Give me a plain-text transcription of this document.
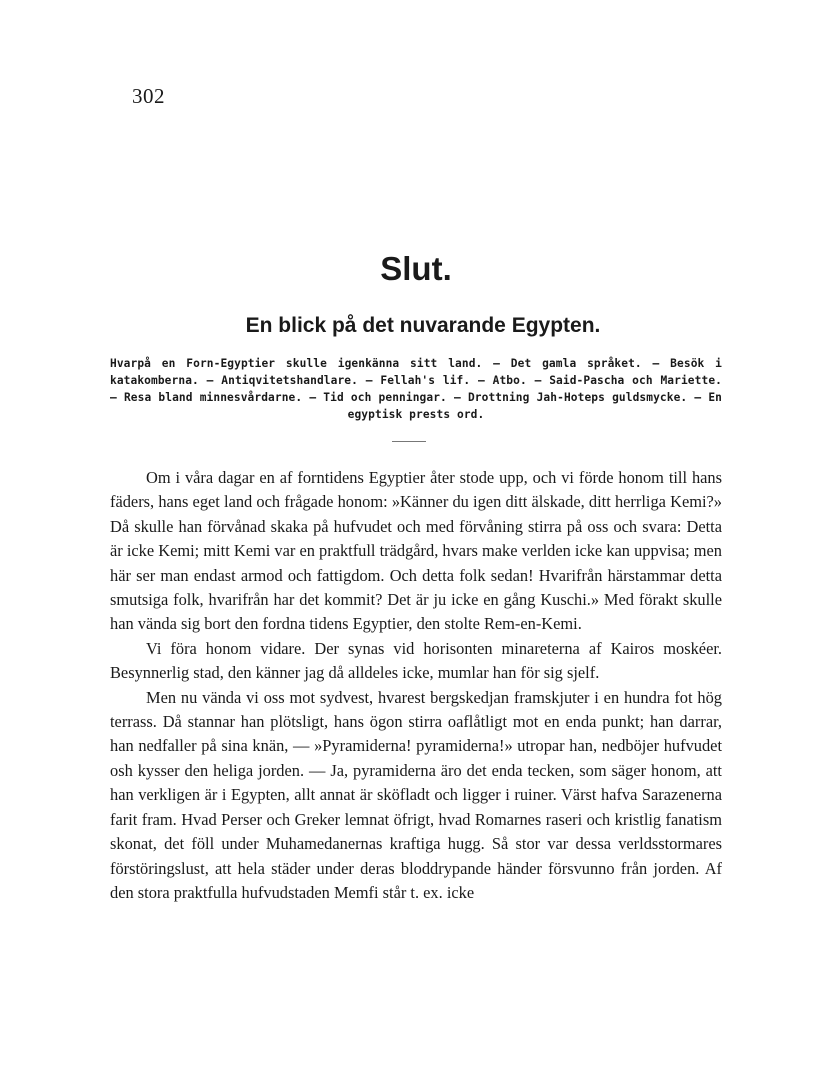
302
Slut.
En blick på det nuvarande Egypten.
Hvarpå en Forn-Egyptier skulle igenkänna sitt land. — Det gamla språket. — Besök i katakomberna. — Antiqvitetshandlare. — Fellah's lif. — Atbo. — Said-Pascha och Mariette. — Resa bland minnesvårdarne. — Tid och penningar. — Drottning Jah-Hoteps guldsmycke. — En egyptisk prests ord.

Om i våra dagar en af forntidens Egyptier åter stode upp, och vi förde honom till hans fäders, hans eget land och frågade honom: »Känner du igen ditt älskade, ditt herrliga Kemi?» Då skulle han förvånad skaka på hufvudet och med förvåning stirra på oss och svara: Detta är icke Kemi; mitt Kemi var en praktfull trädgård, hvars make verlden icke kan uppvisa; men här ser man endast armod och fattigdom. Och detta folk sedan! Hvarifrån härstammar detta smutsiga folk, hvarifrån har det kommit? Det är ju icke en gång Kuschi.» Med förakt skulle han vända sig bort den fordna tidens Egyptier, den stolte Rem-en-Kemi.

Vi föra honom vidare. Der synas vid horisonten minareterna af Kairos moskéer. Besynnerlig stad, den känner jag då alldeles icke, mumlar han för sig sjelf.

Men nu vända vi oss mot sydvest, hvarest bergskedjan framskjuter i en hundra fot hög terrass. Då stannar han plötsligt, hans ögon stirra oaflåtligt mot en enda punkt; han darrar, han nedfaller på sina knän, — »Pyramiderna! pyramiderna!» utropar han, nedböjer hufvudet osh kysser den heliga jorden. — Ja, pyramiderna äro det enda tecken, som säger honom, att han verkligen är i Egypten, allt annat är sköfladt och ligger i ruiner. Värst hafva Sarazenerna farit fram. Hvad Perser och Greker lemnat öfrigt, hvad Romarnes raseri och kristlig fanatism skonat, det föll under Muhamedanernas kraftiga hugg. Så stor var dessa verldsstormares förstöringslust, att hela städer under deras bloddrypande händer försvunno från jorden. Af den stora praktfulla hufvudstaden Memfi står t. ex. icke
